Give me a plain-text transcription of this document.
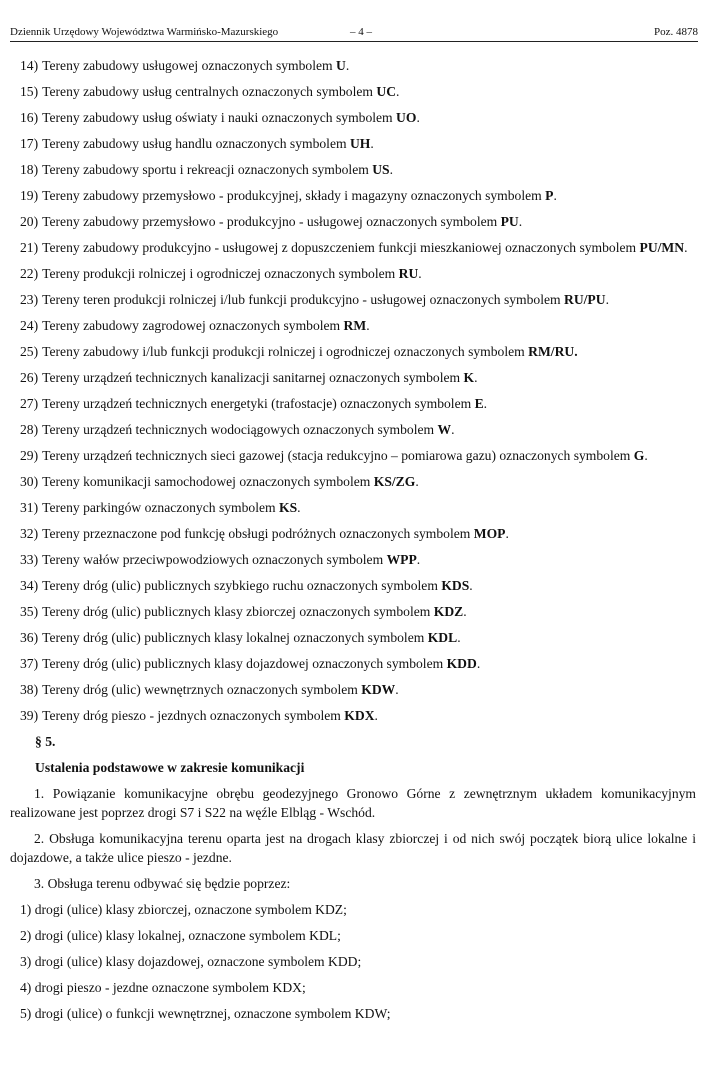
Dziennik Urzędowy Województwa Warmińsko-Mazurskiego	– 4 –	Poz. 4878
14) Tereny zabudowy usługowej oznaczonych symbolem U.
15) Tereny zabudowy usług centralnych oznaczonych symbolem UC.
16) Tereny zabudowy usług oświaty i nauki oznaczonych symbolem UO.
17) Tereny zabudowy usług handlu oznaczonych symbolem UH.
18) Tereny zabudowy sportu i rekreacji oznaczonych symbolem US.
19) Tereny zabudowy przemysłowo - produkcyjnej, składy i magazyny oznaczonych symbolem P.
20) Tereny zabudowy przemysłowo - produkcyjno - usługowej oznaczonych symbolem PU.
21) Tereny zabudowy produkcyjno - usługowej z dopuszczeniem funkcji mieszkaniowej oznaczonych symbolem PU/MN.
22) Tereny produkcji rolniczej i ogrodniczej oznaczonych symbolem RU.
23) Tereny teren produkcji rolniczej i/lub funkcji produkcyjno - usługowej oznaczonych symbolem RU/PU.
24) Tereny zabudowy zagrodowej oznaczonych symbolem RM.
25) Tereny zabudowy i/lub funkcji produkcji rolniczej i ogrodniczej oznaczonych symbolem RM/RU.
26) Tereny urządzeń technicznych kanalizacji sanitarnej oznaczonych symbolem K.
27) Tereny urządzeń technicznych energetyki (trafostacje) oznaczonych symbolem E.
28) Tereny urządzeń technicznych wodociągowych oznaczonych symbolem W.
29) Tereny urządzeń technicznych sieci gazowej (stacja redukcyjno – pomiarowa gazu) oznaczonych symbolem G.
30) Tereny komunikacji samochodowej oznaczonych symbolem KS/ZG.
31) Tereny parkingów oznaczonych symbolem KS.
32) Tereny przeznaczone pod funkcję obsługi podróżnych oznaczonych symbolem MOP.
33) Tereny wałów przeciwpowodziowych oznaczonych symbolem WPP.
34) Tereny dróg (ulic) publicznych szybkiego ruchu oznaczonych symbolem KDS.
35) Tereny dróg (ulic) publicznych klasy zbiorczej oznaczonych symbolem KDZ.
36) Tereny dróg (ulic) publicznych klasy lokalnej oznaczonych symbolem KDL.
37) Tereny dróg (ulic) publicznych klasy dojazdowej oznaczonych symbolem KDD.
38) Tereny dróg (ulic) wewnętrznych oznaczonych symbolem KDW.
39) Tereny dróg pieszo - jezdnych oznaczonych symbolem KDX.
§ 5.
Ustalenia podstawowe w zakresie komunikacji
1. Powiązanie komunikacyjne obrębu geodezyjnego Gronowo Górne z zewnętrznym układem komunikacyjnym realizowane jest poprzez drogi S7 i S22 na węźle Elbląg - Wschód.
2. Obsługa komunikacyjna terenu oparta jest na drogach klasy zbiorczej i od nich swój początek biorą ulice lokalne i dojazdowe, a także ulice pieszo - jezdne.
3. Obsługa terenu odbywać się będzie poprzez:
1) drogi (ulice) klasy zbiorczej, oznaczone symbolem KDZ;
2) drogi (ulice) klasy lokalnej, oznaczone symbolem KDL;
3) drogi (ulice) klasy dojazdowej, oznaczone symbolem KDD;
4) drogi pieszo - jezdne oznaczone symbolem KDX;
5) drogi (ulice) o funkcji wewnętrznej, oznaczone symbolem KDW;
